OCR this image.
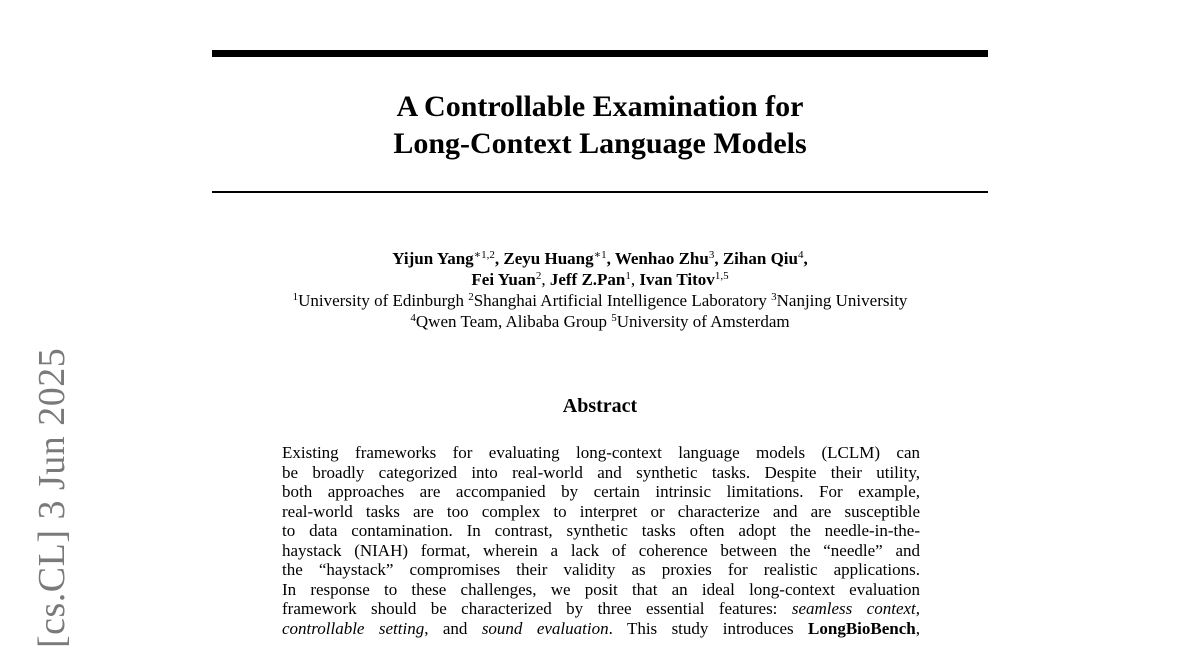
A Controllable Examination for
Long-Context Language Models
Yijun Yang$^{∗1,2}$, Zeyu Huang$^{∗1}$, Wenhao Zhu$^3$, Zihan Qiu$^4$,
Fei Yuan$^2$, Jeff Z.Pan$^1$, Ivan Titov$^{1,5}$
$^1$University of Edinburgh $^2$Shanghai Artificial Intelligence Laboratory $^3$Nanjing University
$^4$Qwen Team, Alibaba Group $^5$University of Amsterdam
Abstract
Existing frameworks for evaluating long-context language models (LCLM) can
be broadly categorized into real-world and synthetic tasks. Despite their utility,
both approaches are accompanied by certain intrinsic limitations. For example,
real-world tasks are too complex to interpret or characterize and are susceptible
to data contamination. In contrast, synthetic tasks often adopt the needle-in-the-
haystack (NIAH) format, wherein a lack of coherence between the “needle” and
the “haystack” compromises their validity as proxies for realistic applications.
In response to these challenges, we posit that an ideal long-context evaluation
framework should be characterized by three essential features: seamless context,
controllable setting, and sound evaluation. This study introduces LongBioBench,
[cs.CL] 3 Jun 2025
